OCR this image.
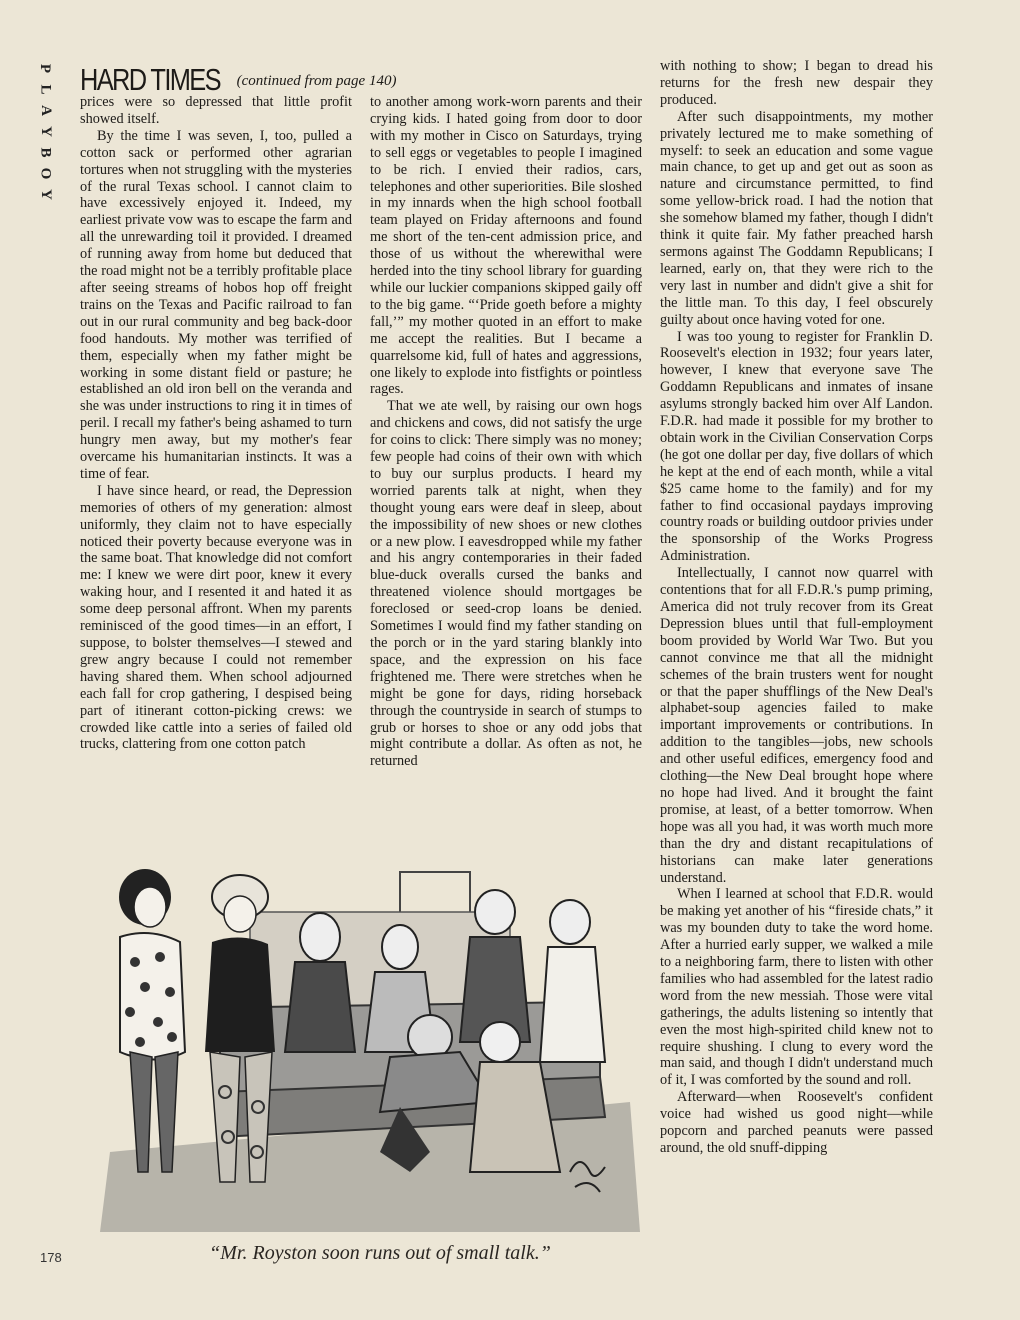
P
L
A
Y
B
O
Y
HARD TIMES (continued from page 140)

prices were so depressed that little profit showed itself.

By the time I was seven, I, too, pulled a cotton sack or performed other agrarian tortures when not struggling with the mysteries of the rural Texas school. I cannot claim to have excessively enjoyed it. Indeed, my earliest private vow was to escape the farm and all the unrewarding toil it provided. I dreamed of running away from home but deduced that the road might not be a terribly profitable place after seeing streams of hobos hop off freight trains on the Texas and Pacific railroad to fan out in our rural community and beg back-door food handouts. My mother was terrified of them, especially when my father might be working in some distant field or pasture; he established an old iron bell on the veranda and she was under instructions to ring it in times of peril. I recall my father's being ashamed to turn hungry men away, but my mother's fear overcame his humanitarian instincts. It was a time of fear.

I have since heard, or read, the Depression memories of others of my generation: almost uniformly, they claim not to have especially noticed their poverty because everyone was in the same boat. That knowledge did not comfort me: I knew we were dirt poor, knew it every waking hour, and I resented it and hated it as some deep personal affront. When my parents reminisced of the good times—in an effort, I suppose, to bolster themselves—I stewed and grew angry because I could not remember having shared them. When school adjourned each fall for crop gathering, I despised being part of itinerant cotton-picking crews: we crowded like cattle into a series of failed old trucks, clattering from one cotton patch

to another among work-worn parents and their crying kids. I hated going from door to door with my mother in Cisco on Saturdays, trying to sell eggs or vegetables to people I imagined to be rich. I envied their radios, cars, telephones and other superiorities. Bile sloshed in my innards when the high school football team played on Friday afternoons and found me short of the ten-cent admission price, and those of us without the wherewithal were herded into the tiny school library for guarding while our luckier companions skipped gaily off to the big game. “‘Pride goeth before a mighty fall,’” my mother quoted in an effort to make me accept the realities. But I became a quarrelsome kid, full of hates and aggressions, one likely to explode into fistfights or pointless rages.

That we ate well, by raising our own hogs and chickens and cows, did not satisfy the urge for coins to click: There simply was no money; few people had coins of their own with which to buy our surplus products. I heard my worried parents talk at night, when they thought young ears were deaf in sleep, about the impossibility of new shoes or new clothes or a new plow. I eavesdropped while my father and his angry contemporaries in their faded blue-duck overalls cursed the banks and threatened violence should mortgages be foreclosed or seed-crop loans be denied. Sometimes I would find my father standing on the porch or in the yard staring blankly into space, and the expression on his face frightened me. There were stretches when he might be gone for days, riding horseback through the countryside in search of stumps to grub or horses to shoe or any odd jobs that might contribute a dollar. As often as not, he returned

with nothing to show; I began to dread his returns for the fresh new despair they produced.

After such disappointments, my mother privately lectured me to make something of myself: to seek an education and some vague main chance, to get up and get out as soon as nature and circumstance permitted, to find some yellow-brick road. I had the notion that she somehow blamed my father, though I didn't think it quite fair. My father preached harsh sermons against The Goddamn Republicans; I learned, early on, that they were rich to the very last in number and didn't give a shit for the little man. To this day, I feel obscurely guilty about once having voted for one.

I was too young to register for Franklin D. Roosevelt's election in 1932; four years later, however, I knew that everyone save The Goddamn Republicans and inmates of insane asylums strongly backed him over Alf Landon. F.D.R. had made it possible for my brother to obtain work in the Civilian Conservation Corps (he got one dollar per day, five dollars of which he kept at the end of each month, while a vital $25 came home to the family) and for my father to find occasional paydays improving country roads or building outdoor privies under the sponsorship of the Works Progress Administration.

Intellectually, I cannot now quarrel with contentions that for all F.D.R.'s pump priming, America did not truly recover from its Great Depression blues until that full-employment boom provided by World War Two. But you cannot convince me that all the midnight schemes of the brain trusters went for nought or that the paper shufflings of the New Deal's alphabet-soup agencies failed to make important improvements or contributions. In addition to the tangibles—jobs, new schools and other useful edifices, emergency food and clothing—the New Deal brought hope where no hope had lived. And it brought the faint promise, at least, of a better tomorrow. When hope was all you had, it was worth much more than the dry and distant recapitulations of historians can make later generations understand.

When I learned at school that F.D.R. would be making yet another of his “fireside chats,” it was my bounden duty to take the word home. After a hurried early supper, we walked a mile to a neighboring farm, there to listen with other families who had assembled for the latest radio word from the new messiah. Those were vital gatherings, the adults listening so intently that even the most high-spirited child knew not to require shushing. I clung to every word the man said, and though I didn't understand much of it, I was comforted by the sound and roll.

Afterward—when Roosevelt's confident voice had wished us good night—while popcorn and parched peanuts were passed around, the old snuff-dipping

“Mr. Royston soon runs out of small talk.”
178
